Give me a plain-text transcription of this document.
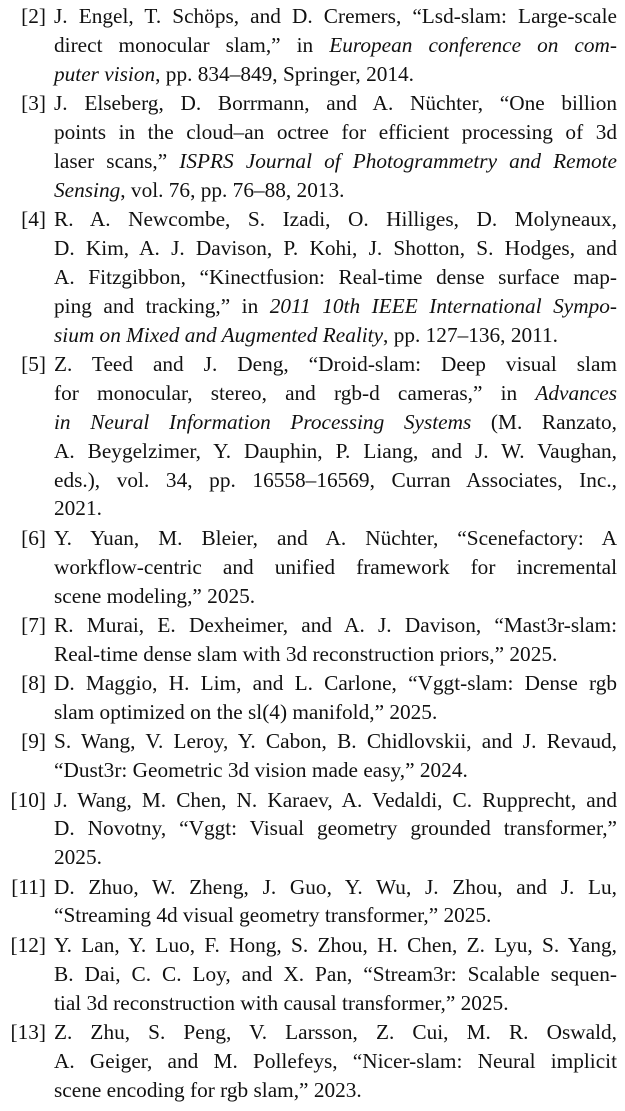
[2] J. Engel, T. Schöps, and D. Cremers, “Lsd-slam: Large-scale
direct monocular slam,” in European conference on com-
puter vision, pp. 834–849, Springer, 2014.
[3] J. Elseberg, D. Borrmann, and A. Nüchter, “One billion
points in the cloud–an octree for efficient processing of 3d
laser scans,” ISPRS Journal of Photogrammetry and Remote
Sensing, vol. 76, pp. 76–88, 2013.
[4] R. A. Newcombe, S. Izadi, O. Hilliges, D. Molyneaux,
D. Kim, A. J. Davison, P. Kohi, J. Shotton, S. Hodges, and
A. Fitzgibbon, “Kinectfusion: Real-time dense surface map-
ping and tracking,” in 2011 10th IEEE International Sympo-
sium on Mixed and Augmented Reality, pp. 127–136, 2011.
[5] Z. Teed and J. Deng, “Droid-slam: Deep visual slam
for monocular, stereo, and rgb-d cameras,” in Advances
in Neural Information Processing Systems (M. Ranzato,
A. Beygelzimer, Y. Dauphin, P. Liang, and J. W. Vaughan,
eds.), vol. 34, pp. 16558–16569, Curran Associates, Inc.,
2021.
[6] Y. Yuan, M. Bleier, and A. Nüchter, “Scenefactory: A
workflow-centric and unified framework for incremental
scene modeling,” 2025.
[7] R. Murai, E. Dexheimer, and A. J. Davison, “Mast3r-slam:
Real-time dense slam with 3d reconstruction priors,” 2025.
[8] D. Maggio, H. Lim, and L. Carlone, “Vggt-slam: Dense rgb
slam optimized on the sl(4) manifold,” 2025.
[9] S. Wang, V. Leroy, Y. Cabon, B. Chidlovskii, and J. Revaud,
“Dust3r: Geometric 3d vision made easy,” 2024.
[10] J. Wang, M. Chen, N. Karaev, A. Vedaldi, C. Rupprecht, and
D. Novotny, “Vggt: Visual geometry grounded transformer,”
2025.
[11] D. Zhuo, W. Zheng, J. Guo, Y. Wu, J. Zhou, and J. Lu,
“Streaming 4d visual geometry transformer,” 2025.
[12] Y. Lan, Y. Luo, F. Hong, S. Zhou, H. Chen, Z. Lyu, S. Yang,
B. Dai, C. C. Loy, and X. Pan, “Stream3r: Scalable sequen-
tial 3d reconstruction with causal transformer,” 2025.
[13] Z. Zhu, S. Peng, V. Larsson, Z. Cui, M. R. Oswald,
A. Geiger, and M. Pollefeys, “Nicer-slam: Neural implicit
scene encoding for rgb slam,” 2023.
